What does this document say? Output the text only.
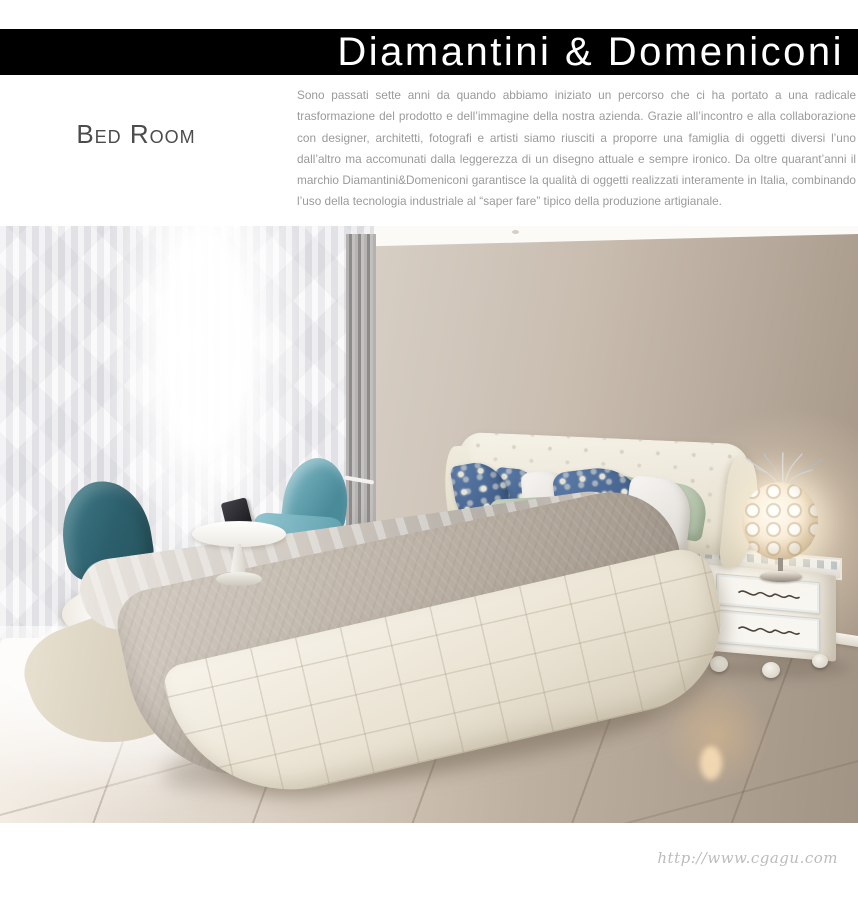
Diamantini & Domeniconi
Bed Room
Sono passati sette anni da quando abbiamo iniziato un percorso che ci ha portato a una radicale trasformazione del prodotto e dell’immagine della nostra azienda. Grazie all’incontro e alla collaborazione con designer, architetti, fotografi e artisti siamo riusciti a proporre una famiglia di oggetti diversi l’uno dall’altro ma accomunati dalla leggerezza di un disegno attuale e sempre ironico. Da oltre quarant’anni il marchio Diamantini&Domeniconi garantisce la qualità di oggetti realizzati interamente in Italia, combinando l’uso della tecnologia industriale al “saper fare” tipico della produzione artigianale.
http://www.cgagu.com
